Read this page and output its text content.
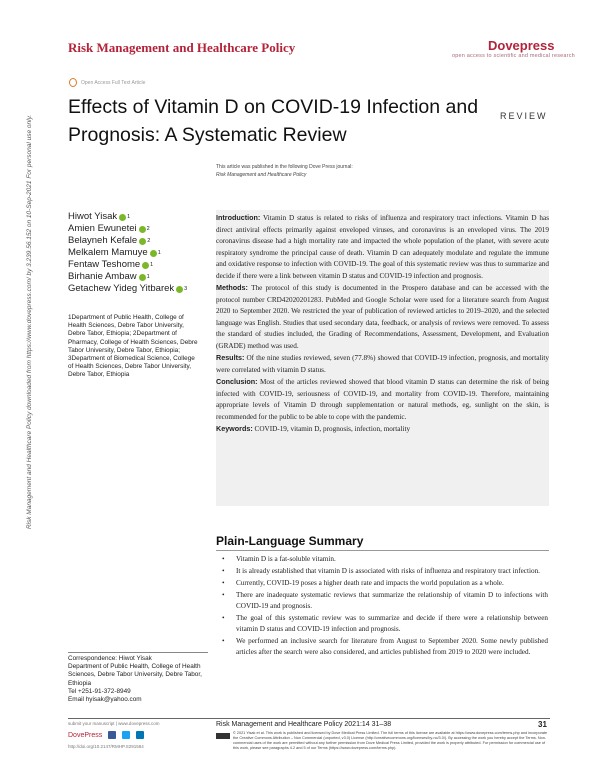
Risk Management and Healthcare Policy	Dovepress
open access to scientific and medical research
Open Access Full Text Article
REVIEW
Effects of Vitamin D on COVID-19 Infection and Prognosis: A Systematic Review
This article was published in the following Dove Press journal:
Risk Management and Healthcare Policy
Risk Management and Healthcare Policy downloaded from https://www.dovepress.com/ by 3.239.56.152 on 10-Sep-2021 For personal use only.	Hiwot Yisak 1
Amien Ewunetei 2
Belayneh Kefale 2
Melkalem Mamuye 1
Fentaw Teshome 1
Birhanie Ambaw 1
Getachew Yideg Yitbarek 3
1Department of Public Health, College of Health Sciences, Debre Tabor University, Debre Tabor, Ethiopia; 2Department of Pharmacy, College of Health Sciences, Debre Tabor University, Debre Tabor, Ethiopia; 3Department of Biomedical Science, College of Health Sciences, Debre Tabor University, Debre Tabor, Ethiopia

Introduction: Vitamin D status is related to risks of influenza and respiratory tract infections. Vitamin D has direct antiviral effects primarily against enveloped viruses, and coronavirus is an enveloped virus. The 2019 coronavirus disease had a high mortality rate and impacted the whole population of the planet, with severe acute respiratory syndrome the principal cause of death. Vitamin D can adequately modulate and regulate the immune and oxidative response to infection with COVID-19. The goal of this systematic review was thus to summarize and decide if there were a link between vitamin D status and COVID-19 infection and prognosis.

Methods: The protocol of this study is documented in the Prospero database and can be accessed with the protocol number CRD42020201283. PubMed and Google Scholar were used for a literature search from August 2020 to September 2020. We restricted the year of publication of reviewed articles to 2019–2020, and the selected language was English. Studies that used secondary data, feedback, or analysis of reviews were removed. To assess the standard of studies included, the Grading of Recommendations, Assessment, Development, and Evaluation (GRADE) method was used.

Results: Of the nine studies reviewed, seven (77.8%) showed that COVID-19 infection, prognosis, and mortality were correlated with vitamin D status.

Conclusion: Most of the articles reviewed showed that blood vitamin D status can determine the risk of being infected with COVID-19, seriousness of COVID-19, and mortality from COVID-19. Therefore, maintaining appropriate levels of Vitamin D through supplementation or natural methods, eg, sunlight on the skin, is recommended for the public to be able to cope with the pandemic.

Keywords: COVID-19, vitamin D, prognosis, infection, mortality

Plain-Language Summary
• Vitamin D is a fat-soluble vitamin.
• It is already established that vitamin D is associated with risks of influenza and respiratory tract infection.
• Currently, COVID-19 poses a higher death rate and impacts the world population as a whole.
• There are inadequate systematic reviews that summarize the relationship of vitamin D to infections with COVID-19 and prognosis.
• The goal of this systematic review was to summarize and decide if there were a relationship between vitamin D status and COVID-19 infection and prognosis.
• We performed an inclusive search for literature from August to September 2020. Some newly published articles after the search were also considered, and articles published from 2019 to 2020 were included.
Correspondence: Hiwot Yisak
Department of Public Health, College of Health Sciences, Debre Tabor University, Debre Tabor, Ethiopia
Tel +251-91-372-8949
Email hyisak@yahoo.com
submit your manuscript | www.dovepress.com
DovePress
http://doi.org/10.2147/RMHP.S291584
Risk Management and Healthcare Policy 2021:14 31–38	31
© 2021 Yisak et al. This work is published and licensed by Dove Medical Press Limited. The full terms of this license are available at https://www.dovepress.com/terms.php and incorporate the Creative Commons Attribution – Non Commercial (unported, v3.0) License (http://creativecommons.org/licenses/by-nc/3.0/). By accessing the work you hereby accept the Terms. Non-commercial uses of the work are permitted without any further permission from Dove Medical Press Limited, provided the work is properly attributed. For permission for commercial use of this work, please see paragraphs 4.2 and 5 of our Terms (https://www.dovepress.com/terms.php).
